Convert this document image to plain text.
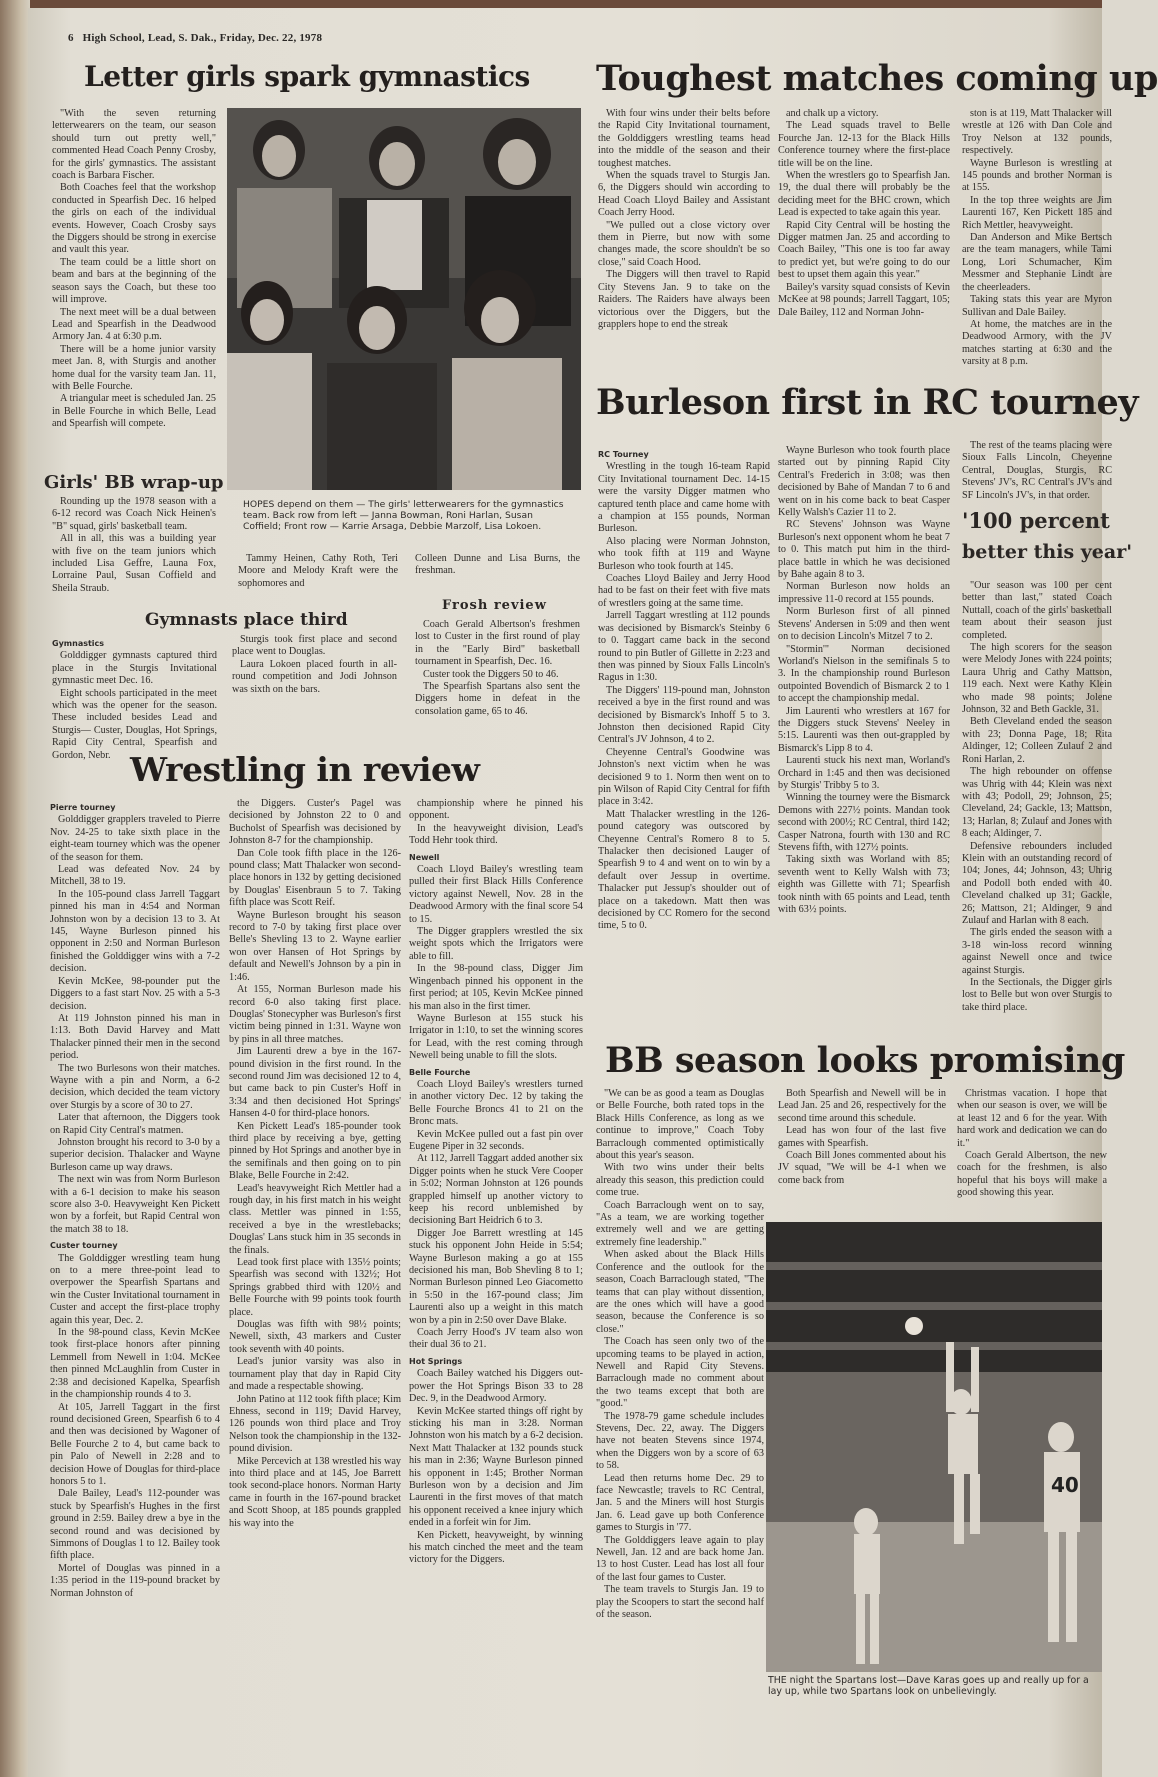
6 High School, Lead, S. Dak., Friday, Dec. 22, 1978
Letter girls spark gymnastics

"With the seven returning letterwearers on the team, our season should turn out pretty well," commented Head Coach Penny Crosby, for the girls' gymnastics. The assistant coach is Barbara Fischer.

Both Coaches feel that the workshop conducted in Spearfish Dec. 16 helped the girls on each of the individual events. However, Coach Crosby says the Diggers should be strong in exercise and vault this year.

The team could be a little short on beam and bars at the beginning of the season says the Coach, but these too will improve.

The next meet will be a dual between Lead and Spearfish in the Deadwood Armory Jan. 4 at 6:30 p.m.

There will be a home junior varsity meet Jan. 8, with Sturgis and another home dual for the varsity team Jan. 11, with Belle Fourche.

A triangular meet is scheduled Jan. 25 in Belle Fourche in which Belle, Lead and Spearfish will compete.

HOPES depend on them — The girls' letterwearers for the gymnastics team. Back row from left — Janna Bowman, Roni Harlan, Susan Coffield; Front row — Karrie Arsaga, Debbie Marzolf, Lisa Lokoen.
Girls' BB wrap-up

Rounding up the 1978 season with a 6-12 record was Coach Nick Heinen's "B" squad, girls' basketball team.

All in all, this was a building year with five on the team juniors which included Lisa Geffre, Launa Fox, Lorraine Paul, Susan Coffield and Sheila Straub.

Tammy Heinen, Cathy Roth, Teri Moore and Melody Kraft were the sophomores and

Colleen Dunne and Lisa Burns, the freshman.

Frosh review

Coach Gerald Albertson's freshmen lost to Custer in the first round of play in the "Early Bird" basketball tournament in Spearfish, Dec. 16.

Custer took the Diggers 50 to 46.

The Spearfish Spartans also sent the Diggers home in defeat in the consolation game, 65 to 46.

Gymnasts place third

Gymnastics

Golddigger gymnasts captured third place in the Sturgis Invitational gymnastic meet Dec. 16.

Eight schools participated in the meet which was the opener for the season. These included besides Lead and Sturgis— Custer, Douglas, Hot Springs, Rapid City Central, Spearfish and Gordon, Nebr.

Sturgis took first place and second place went to Douglas.

Laura Lokoen placed fourth in all-round competition and Jodi Johnson was sixth on the bars.

Wrestling in review

Pierre tourney

Golddigger grapplers traveled to Pierre Nov. 24-25 to take sixth place in the eight-team tourney which was the opener of the season for them.

Lead was defeated Nov. 24 by Mitchell, 38 to 19.

In the 105-pound class Jarrell Taggart pinned his man in 4:54 and Norman Johnston won by a decision 13 to 3. At 145, Wayne Burleson pinned his opponent in 2:50 and Norman Burleson finished the Golddigger wins with a 7-2 decision.

Kevin McKee, 98-pounder put the Diggers to a fast start Nov. 25 with a 5-3 decision.

At 119 Johnston pinned his man in 1:13. Both David Harvey and Matt Thalacker pinned their men in the second period.

The two Burlesons won their matches. Wayne with a pin and Norm, a 6-2 decision, which decided the team victory over Sturgis by a score of 30 to 27.

Later that afternoon, the Diggers took on Rapid City Central's matmen.

Johnston brought his record to 3-0 by a superior decision. Thalacker and Wayne Burleson came up way draws.

The next win was from Norm Burleson with a 6-1 decision to make his season score also 3-0. Heavyweight Ken Pickett won by a forfeit, but Rapid Central won the match 38 to 18.

Custer tourney

The Golddigger wrestling team hung on to a mere three-point lead to overpower the Spearfish Spartans and win the Custer Invitational tournament in Custer and accept the first-place trophy again this year, Dec. 2.

In the 98-pound class, Kevin McKee took first-place honors after pinning Lemmell from Newell in 1:04. McKee then pinned McLaughlin from Custer in 2:38 and decisioned Kapelka, Spearfish in the championship rounds 4 to 3.

At 105, Jarrell Taggart in the first round decisioned Green, Spearfish 6 to 4 and then was decisioned by Wagoner of Belle Fourche 2 to 4, but came back to pin Palo of Newell in 2:28 and to decision Howe of Douglas for third-place honors 5 to 1.

Dale Bailey, Lead's 112-pounder was stuck by Spearfish's Hughes in the first ground in 2:59. Bailey drew a bye in the second round and was decisioned by Simmons of Douglas 1 to 12. Bailey took fifth place.

Mortel of Douglas was pinned in a 1:35 period in the 119-pound bracket by Norman Johnston of

the Diggers. Custer's Pagel was decisioned by Johnston 22 to 0 and Bucholst of Spearfish was decisioned by Johnston 8-7 for the championship.

Dan Cole took fifth place in the 126-pound class; Matt Thalacker won second-place honors in 132 by getting decisioned by Douglas' Eisenbraun 5 to 7. Taking fifth place was Scott Reif.

Wayne Burleson brought his season record to 7-0 by taking first place over Belle's Shevling 13 to 2. Wayne earlier won over Hansen of Hot Springs by default and Newell's Johnson by a pin in 1:46.

At 155, Norman Burleson made his record 6-0 also taking first place. Douglas' Stonecypher was Burleson's first victim being pinned in 1:31. Wayne won by pins in all three matches.

Jim Laurenti drew a bye in the 167-pound division in the first round. In the second round Jim was decisioned 12 to 4, but came back to pin Custer's Hoff in 3:34 and then decisioned Hot Springs' Hansen 4-0 for third-place honors.

Ken Pickett Lead's 185-pounder took third place by receiving a bye, getting pinned by Hot Springs and another bye in the semifinals and then going on to pin Blake, Belle Fourche in 2:42.

Lead's heavyweight Rich Mettler had a rough day, in his first match in his weight class. Mettler was pinned in 1:55, received a bye in the wrestlebacks; Douglas' Lans stuck him in 35 seconds in the finals.

Lead took first place with 135½ points; Spearfish was second with 132½; Hot Springs grabbed third with 120½ and Belle Fourche with 99 points took fourth place.

Douglas was fifth with 98½ points; Newell, sixth, 43 markers and Custer took seventh with 40 points.

Lead's junior varsity was also in tournament play that day in Rapid City and made a respectable showing.

John Patino at 112 took fifth place; Kim Ehness, second in 119; David Harvey, 126 pounds won third place and Troy Nelson took the championship in the 132-pound division.

Mike Percevich at 138 wrestled his way into third place and at 145, Joe Barrett took second-place honors. Norman Harty came in fourth in the 167-pound bracket and Scott Shoop, at 185 pounds grappled his way into the

championship where he pinned his opponent.

In the heavyweight division, Lead's Todd Hehr took third.

Newell

Coach Lloyd Bailey's wrestling team pulled their first Black Hills Conference victory against Newell, Nov. 28 in the Deadwood Armory with the final score 54 to 15.

The Digger grapplers wrestled the six weight spots which the Irrigators were able to fill.

In the 98-pound class, Digger Jim Wingenbach pinned his opponent in the first period; at 105, Kevin McKee pinned his man also in the first timer.

Wayne Burleson at 155 stuck his Irrigator in 1:10, to set the winning scores for Lead, with the rest coming through Newell being unable to fill the slots.

Belle Fourche

Coach Lloyd Bailey's wrestlers turned in another victory Dec. 12 by taking the Belle Fourche Broncs 41 to 21 on the Bronc mats.

Kevin McKee pulled out a fast pin over Eugene Piper in 32 seconds.

At 112, Jarrell Taggart added another six Digger points when he stuck Vere Cooper in 5:02; Norman Johnston at 126 pounds grappled himself up another victory to keep his record unblemished by decisioning Bart Heidrich 6 to 3.

Digger Joe Barrett wrestling at 145 stuck his opponent John Heide in 5:54; Wayne Burleson making a go at 155 decisioned his man, Bob Shevling 8 to 1; Norman Burleson pinned Leo Giacometto in 5:50 in the 167-pound class; Jim Laurenti also up a weight in this match won by a pin in 2:50 over Dave Blake.

Coach Jerry Hood's JV team also won their dual 36 to 21.

Hot Springs

Coach Bailey watched his Diggers out-power the Hot Springs Bison 33 to 28 Dec. 9, in the Deadwood Armory.

Kevin McKee started things off right by sticking his man in 3:28. Norman Johnston won his match by a 6-2 decision. Next Matt Thalacker at 132 pounds stuck his man in 2:36; Wayne Burleson pinned his opponent in 1:45; Brother Norman Burleson won by a decision and Jim Laurenti in the first moves of that match his opponent received a knee injury which ended in a forfeit win for Jim.

Ken Pickett, heavyweight, by winning his match cinched the meet and the team victory for the Diggers.

Toughest matches coming up

With four wins under their belts before the Rapid City Invitational tournament, the Golddiggers wrestling teams head into the middle of the season and their toughest matches.

When the squads travel to Sturgis Jan. 6, the Diggers should win according to Head Coach Lloyd Bailey and Assistant Coach Jerry Hood.

"We pulled out a close victory over them in Pierre, but now with some changes made, the score shouldn't be so close," said Coach Hood.

The Diggers will then travel to Rapid City Stevens Jan. 9 to take on the Raiders. The Raiders have always been victorious over the Diggers, but the grapplers hope to end the streak

and chalk up a victory.

The Lead squads travel to Belle Fourche Jan. 12-13 for the Black Hills Conference tourney where the first-place title will be on the line.

When the wrestlers go to Spearfish Jan. 19, the dual there will probably be the deciding meet for the BHC crown, which Lead is expected to take again this year.

Rapid City Central will be hosting the Digger matmen Jan. 25 and according to Coach Bailey, "This one is too far away to predict yet, but we're going to do our best to upset them again this year."

Bailey's varsity squad consists of Kevin McKee at 98 pounds; Jarrell Taggart, 105; Dale Bailey, 112 and Norman John-

ston is at 119, Matt Thalacker will wrestle at 126 with Dan Cole and Troy Nelson at 132 pounds, respectively.

Wayne Burleson is wrestling at 145 pounds and brother Norman is at 155.

In the top three weights are Jim Laurenti 167, Ken Pickett 185 and Rich Mettler, heavyweight.

Dan Anderson and Mike Bertsch are the team managers, while Tami Long, Lori Schumacher, Kim Messmer and Stephanie Lindt are the cheerleaders.

Taking stats this year are Myron Sullivan and Dale Bailey.

At home, the matches are in the Deadwood Armory, with the JV matches starting at 6:30 and the varsity at 8 p.m.

Burleson first in RC tourney

RC Tourney

Wrestling in the tough 16-team Rapid City Invitational tournament Dec. 14-15 were the varsity Digger matmen who captured tenth place and came home with a champion at 155 pounds, Norman Burleson.

Also placing were Norman Johnston, who took fifth at 119 and Wayne Burleson who took fourth at 145.

Coaches Lloyd Bailey and Jerry Hood had to be fast on their feet with five mats of wrestlers going at the same time.

Jarrell Taggart wrestling at 112 pounds was decisioned by Bismarck's Steinby 6 to 0. Taggart came back in the second round to pin Butler of Gillette in 2:23 and then was pinned by Sioux Falls Lincoln's Ragus in 1:30.

The Diggers' 119-pound man, Johnston received a bye in the first round and was decisioned by Bismarck's Inhoff 5 to 3. Johnston then decisioned Rapid City Central's JV Johnson, 4 to 2.

Cheyenne Central's Goodwine was Johnston's next victim when he was decisioned 9 to 1. Norm then went on to pin Wilson of Rapid City Central for fifth place in 3:42.

Matt Thalacker wrestling in the 126-pound category was outscored by Cheyenne Central's Romero 8 to 5. Thalacker then decisioned Lauger of Spearfish 9 to 4 and went on to win by a default over Jessup in overtime. Thalacker put Jessup's shoulder out of place on a takedown. Matt then was decisioned by CC Romero for the second time, 5 to 0.

Wayne Burleson who took fourth place started out by pinning Rapid City Central's Frederich in 3:08; was then decisioned by Bahe of Mandan 7 to 6 and went on in his come back to beat Casper Kelly Walsh's Cazier 11 to 2.

RC Stevens' Johnson was Wayne Burleson's next opponent whom he beat 7 to 0. This match put him in the third-place battle in which he was decisioned by Bahe again 8 to 3.

Norman Burleson now holds an impressive 11-0 record at 155 pounds.

Norm Burleson first of all pinned Stevens' Andersen in 5:09 and then went on to decision Lincoln's Mitzel 7 to 2.

"Stormin'" Norman decisioned Worland's Nielson in the semifinals 5 to 3. In the championship round Burleson outpointed Bovendich of Bismarck 2 to 1 to accept the championship medal.

Jim Laurenti who wrestlers at 167 for the Diggers stuck Stevens' Neeley in 5:15. Laurenti was then out-grappled by Bismarck's Lipp 8 to 4.

Laurenti stuck his next man, Worland's Orchard in 1:45 and then was decisioned by Sturgis' Tribby 5 to 3.

Winning the tourney were the Bismarck Demons with 227½ points. Mandan took second with 200½; RC Central, third 142; Casper Natrona, fourth with 130 and RC Stevens fifth, with 127½ points.

Taking sixth was Worland with 85; seventh went to Kelly Walsh with 73; eighth was Gillette with 71; Spearfish took ninth with 65 points and Lead, tenth with 63½ points.

The rest of the teams placing were Sioux Falls Lincoln, Cheyenne Central, Douglas, Sturgis, RC Stevens' JV's, RC Central's JV's and SF Lincoln's JV's, in that order.

'100 percent
better this year'

"Our season was 100 per cent better than last," stated Coach Nuttall, coach of the girls' basketball team about their season just completed.

The high scorers for the season were Melody Jones with 224 points; Laura Uhrig and Cathy Mattson, 119 each. Next were Kathy Klein who made 98 points; Jolene Johnson, 32 and Beth Gackle, 31.

Beth Cleveland ended the season with 23; Donna Page, 18; Rita Aldinger, 12; Colleen Zulauf 2 and Roni Harlan, 2.

The high rebounder on offense was Uhrig with 44; Klein was next with 43; Podoll, 29; Johnson, 25; Cleveland, 24; Gackle, 13; Mattson, 13; Harlan, 8; Zulauf and Jones with 8 each; Aldinger, 7.

Defensive rebounders included Klein with an outstanding record of 104; Jones, 44; Johnson, 43; Uhrig and Podoll both ended with 40. Cleveland chalked up 31; Gackle, 26; Mattson, 21; Aldinger, 9 and Zulauf and Harlan with 8 each.

The girls ended the season with a 3-18 win-loss record winning against Newell once and twice against Sturgis.

In the Sectionals, the Digger girls lost to Belle but won over Sturgis to take third place.

BB season looks promising

"We can be as good a team as Douglas or Belle Fourche, both rated tops in the Black Hills Conference, as long as we continue to improve," Coach Toby Barraclough commented optimistically about this year's season.

With two wins under their belts already this season, this prediction could come true.

Coach Barraclough went on to say, "As a team, we are working together extremely well and we are getting extremely fine leadership."

When asked about the Black Hills Conference and the outlook for the season, Coach Barraclough stated, "The teams that can play without dissention, are the ones which will have a good season, because the Conference is so close."

The Coach has seen only two of the upcoming teams to be played in action, Newell and Rapid City Stevens. Barraclough made no comment about the two teams except that both are "good."

The 1978-79 game schedule includes Stevens, Dec. 22, away. The Diggers have not beaten Stevens since 1974, when the Diggers won by a score of 63 to 58.

Lead then returns home Dec. 29 to face Newcastle; travels to RC Central, Jan. 5 and the Miners will host Sturgis Jan. 6. Lead gave up both Conference games to Sturgis in '77.

The Golddiggers leave again to play Newell, Jan. 12 and are back home Jan. 13 to host Custer. Lead has lost all four of the last four games to Custer.

The team travels to Sturgis Jan. 19 to play the Scoopers to start the second half of the season.

Both Spearfish and Newell will be in Lead Jan. 25 and 26, respectively for the second time around this schedule.

Lead has won four of the last five games with Spearfish.

Coach Bill Jones commented about his JV squad, "We will be 4-1 when we come back from

Christmas vacation. I hope that when our season is over, we will be at least 12 and 6 for the year. With hard work and dedication we can do it."

Coach Gerald Albertson, the new coach for the freshmen, is also hopeful that his boys will make a good showing this year.

40
THE night the Spartans lost—Dave Karas goes up and really up for a lay up, while two Spartans look on unbelievingly.
